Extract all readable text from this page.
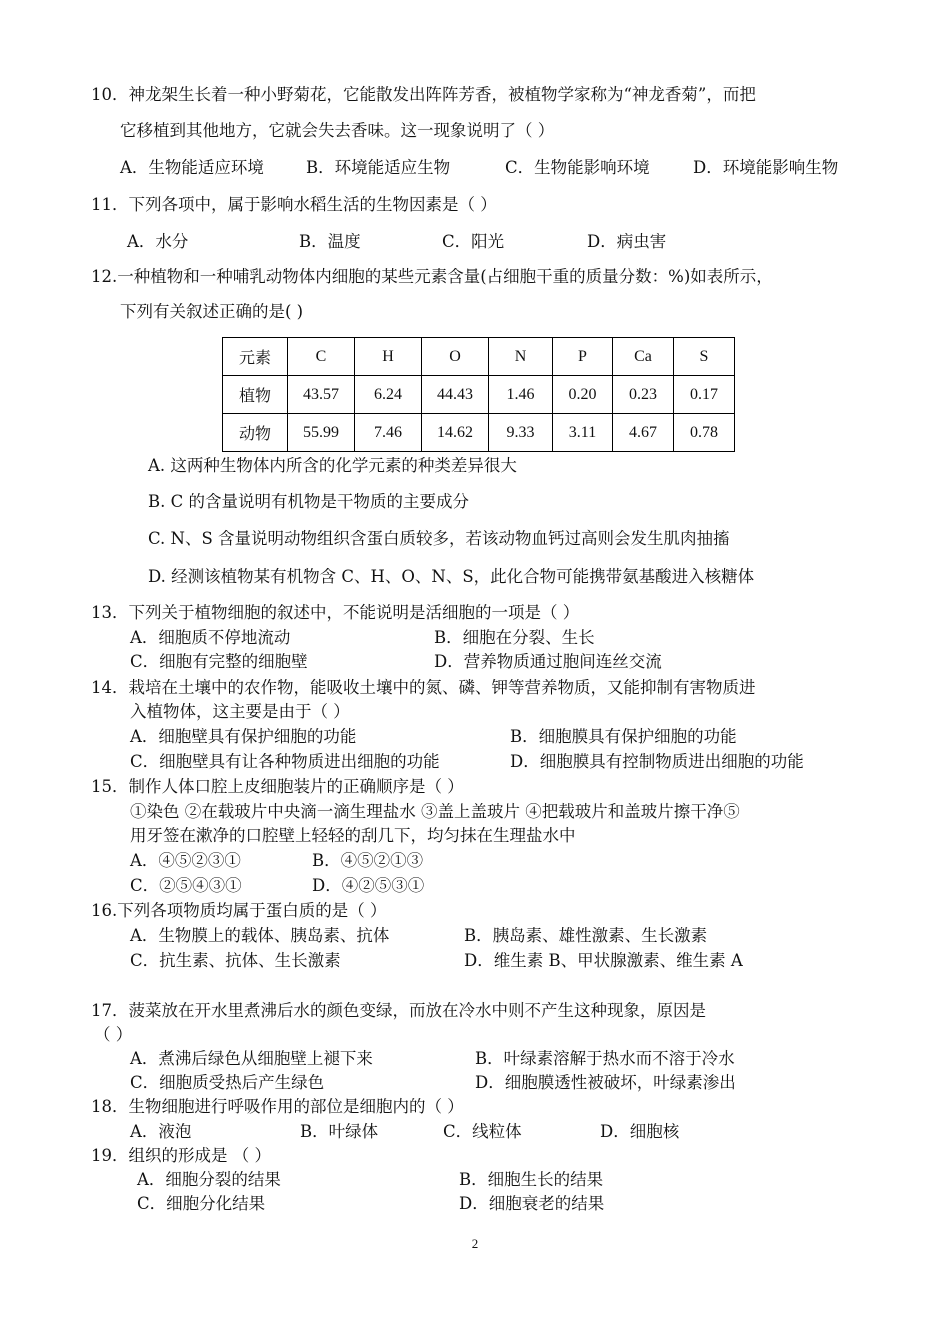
10．神龙架生长着一种小野菊花，它能散发出阵阵芳香，被植物学家称为“神龙香菊”，而把
它移植到其他地方，它就会失去香味。这一现象说明了（ ）
A．生物能适应环境	B．环境能适应生物	C．生物能影响环境	D．环境能影响生物
11．下列各项中，属于影响水稻生活的生物因素是（ ）
A．水分	B．温度	C．阳光	D．病虫害
12.一种植物和一种哺乳动物体内细胞的某些元素含量(占细胞干重的质量分数：%)如表所示，
下列有关叙述正确的是( )
元素	C	H	O	N	P	Ca	S
植物	43.57	6.24	44.43	1.46	0.20	0.23	0.17
动物	55.99	7.46	14.62	9.33	3.11	4.67	0.78
A. 这两种生物体内所含的化学元素的种类差异很大
B. C 的含量说明有机物是干物质的主要成分
C. N、S 含量说明动物组织含蛋白质较多，若该动物血钙过高则会发生肌肉抽搐
D. 经测该植物某有机物含 C、H、O、N、S，此化合物可能携带氨基酸进入核糖体
13．下列关于植物细胞的叙述中，不能说明是活细胞的一项是（ ）
A．细胞质不停地流动	B．细胞在分裂、生长
C．细胞有完整的细胞壁	D．营养物质通过胞间连丝交流
14．栽培在土壤中的农作物，能吸收土壤中的氮、磷、钾等营养物质，又能抑制有害物质进
入植物体，这主要是由于（ ）
A．细胞壁具有保护细胞的功能	B．细胞膜具有保护细胞的功能
C．细胞壁具有让各种物质进出细胞的功能	D．细胞膜具有控制物质进出细胞的功能
15．制作人体口腔上皮细胞装片的正确顺序是（ ）
①染色 ②在载玻片中央滴一滴生理盐水 ③盖上盖玻片 ④把载玻片和盖玻片擦干净⑤
用牙签在漱净的口腔壁上轻轻的刮几下，均匀抹在生理盐水中
A．④⑤②③①	B．④⑤②①③
C．②⑤④③①	D．④②⑤③①
16.下列各项物质均属于蛋白质的是（ ）
A．生物膜上的载体、胰岛素、抗体	B．胰岛素、雄性激素、生长激素
C．抗生素、抗体、生长激素	D．维生素 B、甲状腺激素、维生素 A
17．菠菜放在开水里煮沸后水的颜色变绿，而放在冷水中则不产生这种现象，原因是
（ ）
A．煮沸后绿色从细胞壁上褪下来	B．叶绿素溶解于热水而不溶于冷水
C．细胞质受热后产生绿色	D．细胞膜透性被破坏，叶绿素渗出
18．生物细胞进行呼吸作用的部位是细胞内的（ ）
A．液泡	B．叶绿体	C．线粒体	D．细胞核
19．组织的形成是 （ ）
A．细胞分裂的结果	B．细胞生长的结果
C．细胞分化结果	D．细胞衰老的结果
2
